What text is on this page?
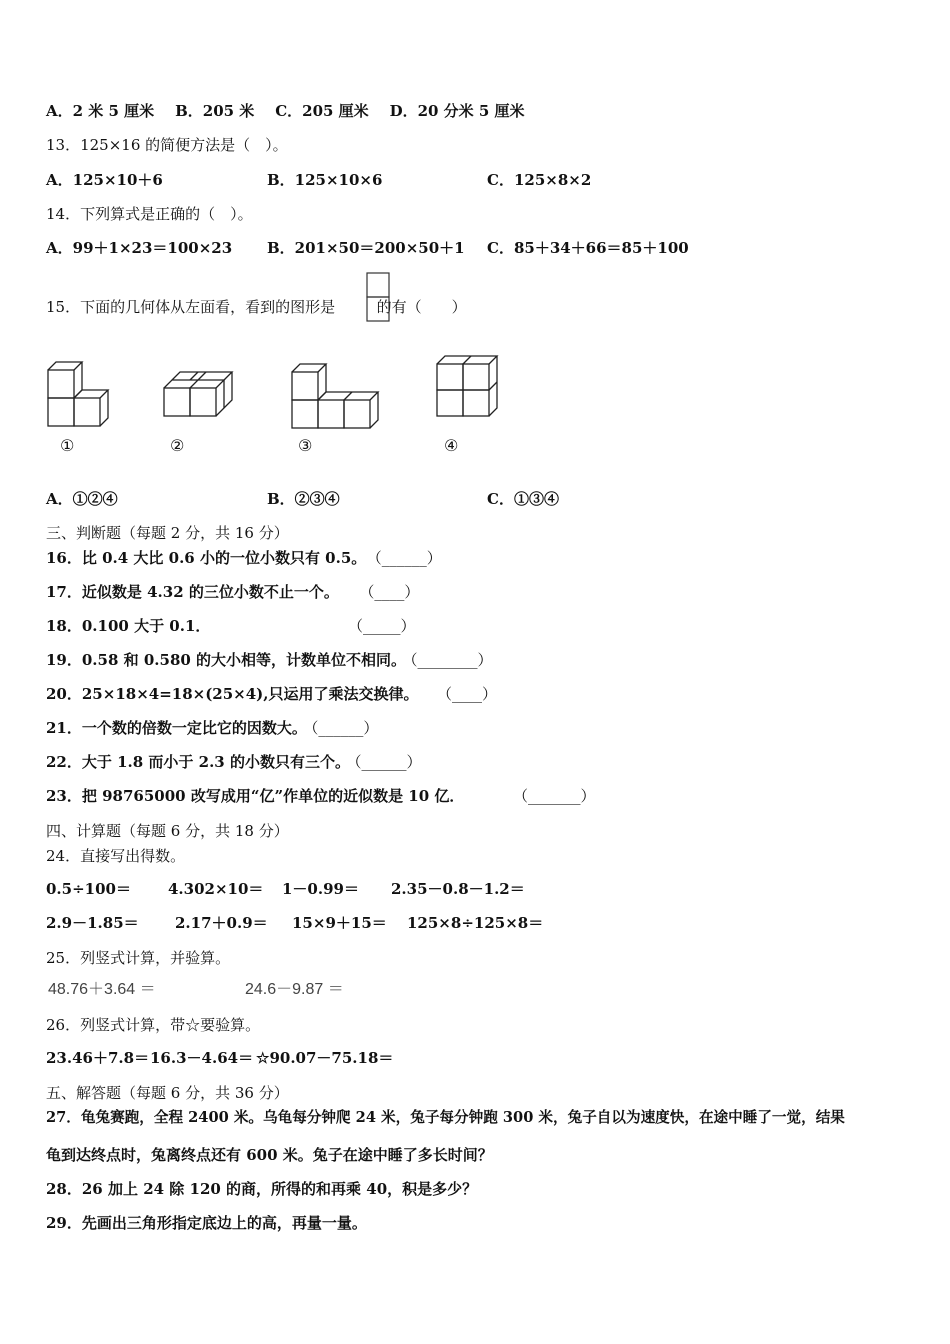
A．2 米 5 厘米 B．205 米 C．205 厘米 D．20 分米 5 厘米
13．125×16 的简便方法是（　）。
A．125×10＋6	B．125×10×6	C．125×8×2
14．下列算式是正确的（　）。
A．99＋1×23＝100×23 B．201×50＝200×50＋1 C．85＋34＋66＝85＋100
15．下面的几何体从左面看，看到的图形是	的有（　　）
①	②	③	④
A．①②④	B．②③④	C．①③④
三、判断题（每题 2 分，共 16 分）
16．比 0.4 大比 0.6 小的一位小数只有 0.5。 （______）
17．近似数是 4.32 的三位小数不止一个。 （____）
18．0.100 大于 0.1．	（_____）
19．0.58 和 0.580 的大小相等，计数单位不相同。 （________）
20．25×18×4=18×(25×4),只运用了乘法交换律。 （____）
21．一个数的倍数一定比它的因数大。 （______）
22．大于 1.8 而小于 2.3 的小数只有三个。 （______）
23．把 98765000 改写成用“亿”作单位的近似数是 10 亿．	（_______）
四、计算题（每题 6 分，共 18 分）
24．直接写出得数。
0.5÷100＝ 4.302×10＝ 1－0.99＝ 2.35－0.8－1.2＝
2.9－1.85＝ 2.17＋0.9＝ 15×9＋15＝ 125×8÷125×8＝
25．列竖式计算，并验算。
48.76＋3.64 ＝	24.6－9.87 ＝
26．列竖式计算，带☆要验算。
23.46＋7.8＝ 16.3－4.64＝ ☆90.07－75.18＝
五、解答题（每题 6 分，共 36 分）
27．龟兔赛跑，全程 2400 米。乌龟每分钟爬 24 米，兔子每分钟跑 300 米，兔子自以为速度快，在途中睡了一觉，结果
龟到达终点时，兔离终点还有 600 米。兔子在途中睡了多长时间？
28．26 加上 24 除 120 的商，所得的和再乘 40，积是多少？
29．先画出三角形指定底边上的高，再量一量。
